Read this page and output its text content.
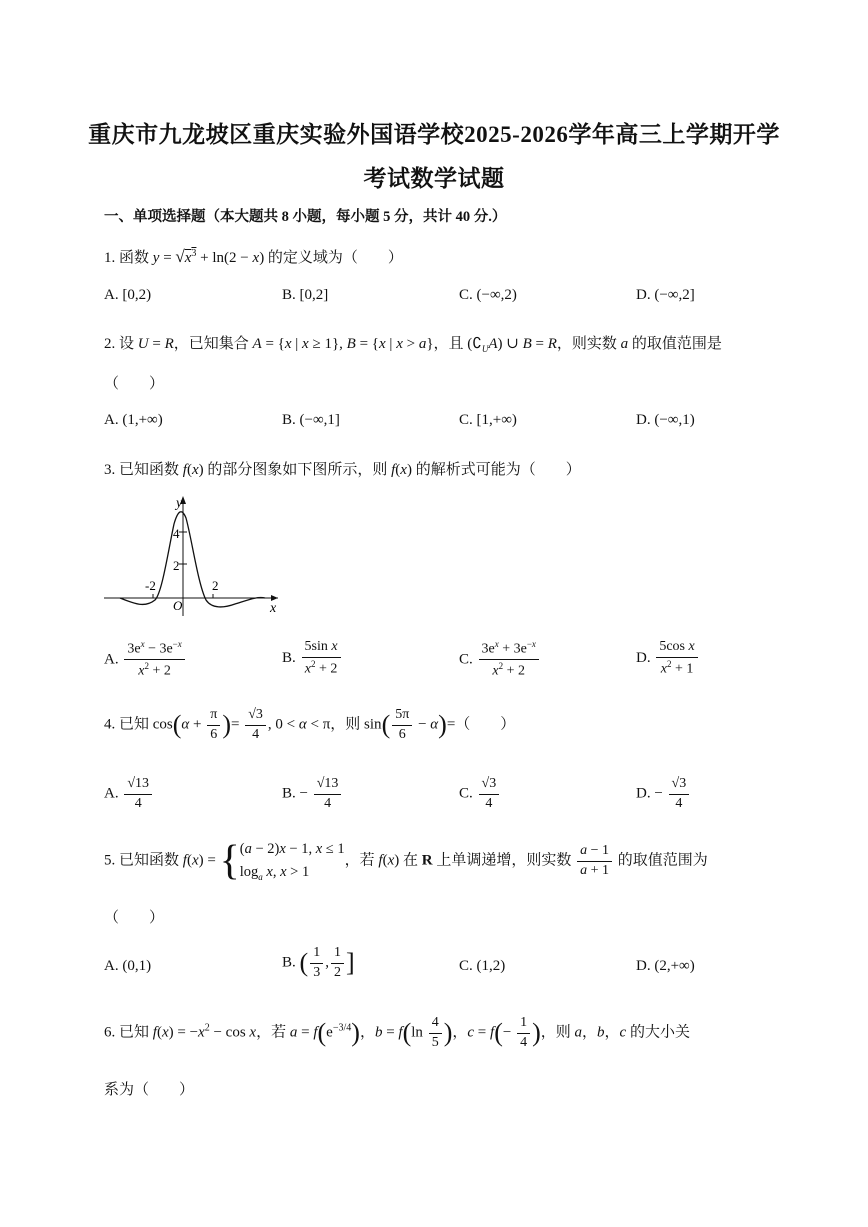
重庆市九龙坡区重庆实验外国语学校2025-2026学年高三上学期开学
考试数学试题
一、单项选择题（本大题共 8 小题，每小题 5 分，共计 40 分.）
1. 函数 $y = √x^3 + \ln(2 - x)$ 的定义域为（　　）
A. [0,2)	B. [0,2]	C. (−∞,2)	D. (−∞,2]
2. 设 U = R，已知集合 A = {x | x ≥ 1}, B = {x | x > a}，且 $(∁_UA)$ ∪ B = R，则实数 a 的取值范围是
（　　）
A. (1,+∞)	B. (−∞,1]	C. [1,+∞)	D. (−∞,1)
3. 已知函数 f(x) 的部分图象如下图所示，则 f(x) 的解析式可能为（　　）
y
x
O
4
2
-2	2
A. $\frac{3e^x - 3e^{-x}}{x^2 + 2}$	B. $\frac{\text{5sin x}}{x^2 + 2}$	C. $\frac{3e^x + 3e^{-x}}{x^2 + 2}$	D. $\frac{\text{5cos x}}{x^2 + 1}$
4. 已知 $\cos(\alpha + \frac{\pi}{6}$ )= $\frac{√3}{4}$ , 0 < α < π，则 $\sin( \frac{5\pi}{6} - \alpha)=$（　　）
A. $\frac{√13}{4}$	B. − $\frac{√13}{4}$	C. $\frac{√3}{4}$	D. − $\frac{√3}{4}$
5. 已知函数 f(x) = {(a − 2)x − 1, x ≤ 1
$\log_a x$, x > 1，若 f(x) 在 R 上单调递增，则实数 $\frac{a - 1}{a + 1}$ 的取值范围为
（　　）
A. (0,1)	B. ( $\frac{1}{3}$ , $\frac{1}{2}$ ]	C. (1,2)	D. (2,+∞)
6. 已知 $f(x) = -x^2 - \cos x$，若 $a = f(e^{-3/4})$，$b = f(\ln \frac{4}{5}$ )，$c = f(- \frac{1}{4}$ )，则 a，b，c 的大小关
系为（　　）
